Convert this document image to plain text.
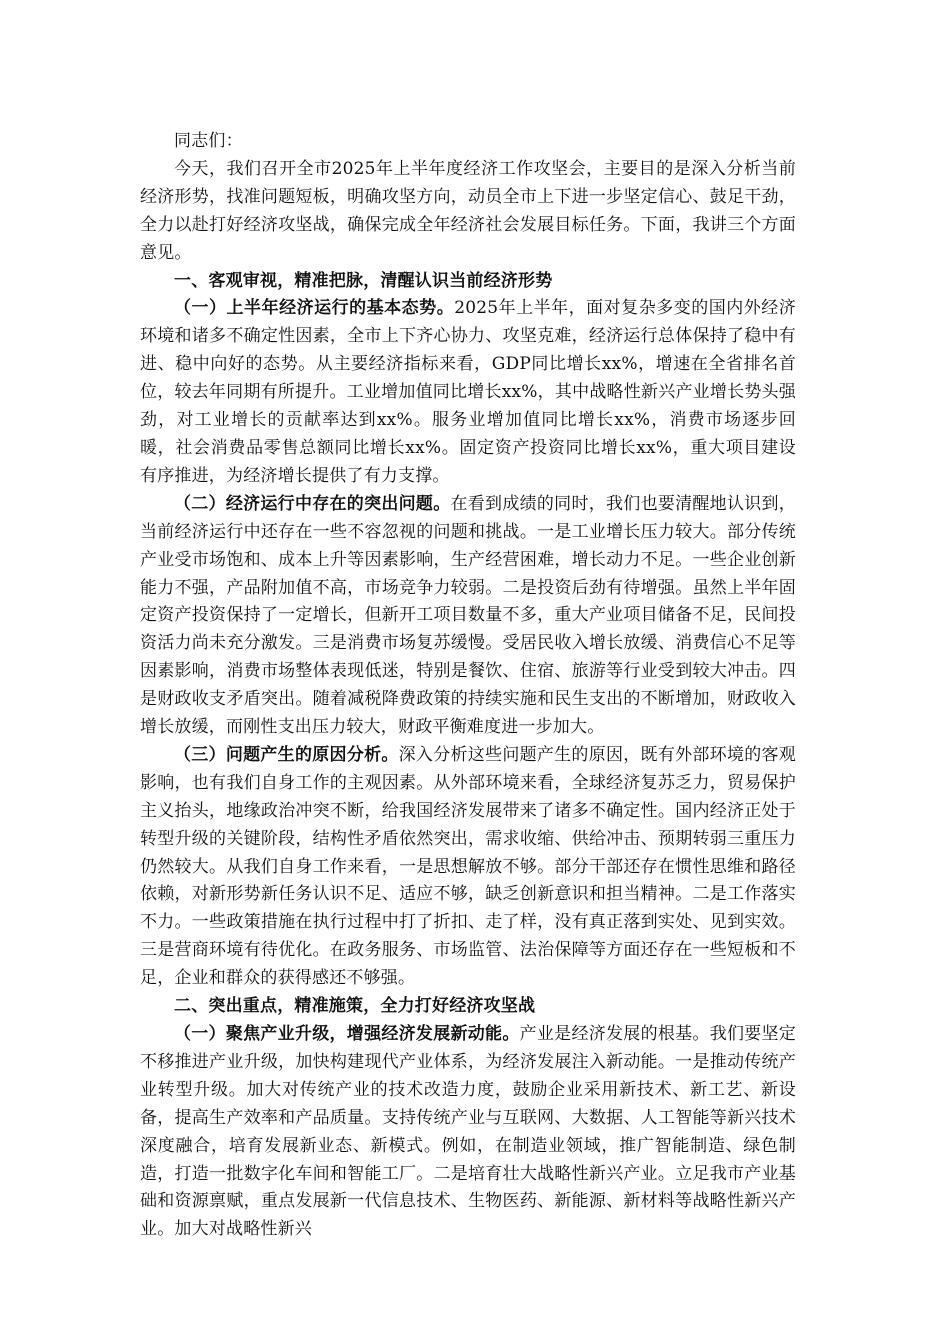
同志们：

今天，我们召开全市2025年上半年度经济工作攻坚会，主要目的是深入分析当前经济形势，找准问题短板，明确攻坚方向，动员全市上下进一步坚定信心、鼓足干劲，全力以赴打好经济攻坚战，确保完成全年经济社会发展目标任务。下面，我讲三个方面意见。

一、客观审视，精准把脉，清醒认识当前经济形势

（一）上半年经济运行的基本态势。2025年上半年，面对复杂多变的国内外经济环境和诸多不确定性因素，全市上下齐心协力、攻坚克难，经济运行总体保持了稳中有进、稳中向好的态势。从主要经济指标来看，GDP同比增长xx%，增速在全省排名首位，较去年同期有所提升。工业增加值同比增长xx%，其中战略性新兴产业增长势头强劲，对工业增长的贡献率达到xx%。服务业增加值同比增长xx%，消费市场逐步回暖，社会消费品零售总额同比增长xx%。固定资产投资同比增长xx%，重大项目建设有序推进，为经济增长提供了有力支撑。

（二）经济运行中存在的突出问题。在看到成绩的同时，我们也要清醒地认识到，当前经济运行中还存在一些不容忽视的问题和挑战。一是工业增长压力较大。部分传统产业受市场饱和、成本上升等因素影响，生产经营困难，增长动力不足。一些企业创新能力不强，产品附加值不高，市场竞争力较弱。二是投资后劲有待增强。虽然上半年固定资产投资保持了一定增长，但新开工项目数量不多，重大产业项目储备不足，民间投资活力尚未充分激发。三是消费市场复苏缓慢。受居民收入增长放缓、消费信心不足等因素影响，消费市场整体表现低迷，特别是餐饮、住宿、旅游等行业受到较大冲击。四是财政收支矛盾突出。随着减税降费政策的持续实施和民生支出的不断增加，财政收入增长放缓，而刚性支出压力较大，财政平衡难度进一步加大。

（三）问题产生的原因分析。深入分析这些问题产生的原因，既有外部环境的客观影响，也有我们自身工作的主观因素。从外部环境来看，全球经济复苏乏力，贸易保护主义抬头，地缘政治冲突不断，给我国经济发展带来了诸多不确定性。国内经济正处于转型升级的关键阶段，结构性矛盾依然突出，需求收缩、供给冲击、预期转弱三重压力仍然较大。从我们自身工作来看，一是思想解放不够。部分干部还存在惯性思维和路径依赖，对新形势新任务认识不足、适应不够，缺乏创新意识和担当精神。二是工作落实不力。一些政策措施在执行过程中打了折扣、走了样，没有真正落到实处、见到实效。三是营商环境有待优化。在政务服务、市场监管、法治保障等方面还存在一些短板和不足，企业和群众的获得感还不够强。

二、突出重点，精准施策，全力打好经济攻坚战

（一）聚焦产业升级，增强经济发展新动能。产业是经济发展的根基。我们要坚定不移推进产业升级，加快构建现代产业体系，为经济发展注入新动能。一是推动传统产业转型升级。加大对传统产业的技术改造力度，鼓励企业采用新技术、新工艺、新设备，提高生产效率和产品质量。支持传统产业与互联网、大数据、人工智能等新兴技术深度融合，培育发展新业态、新模式。例如，在制造业领域，推广智能制造、绿色制造，打造一批数字化车间和智能工厂。二是培育壮大战略性新兴产业。立足我市产业基础和资源禀赋，重点发展新一代信息技术、生物医药、新能源、新材料等战略性新兴产业。加大对战略性新兴
